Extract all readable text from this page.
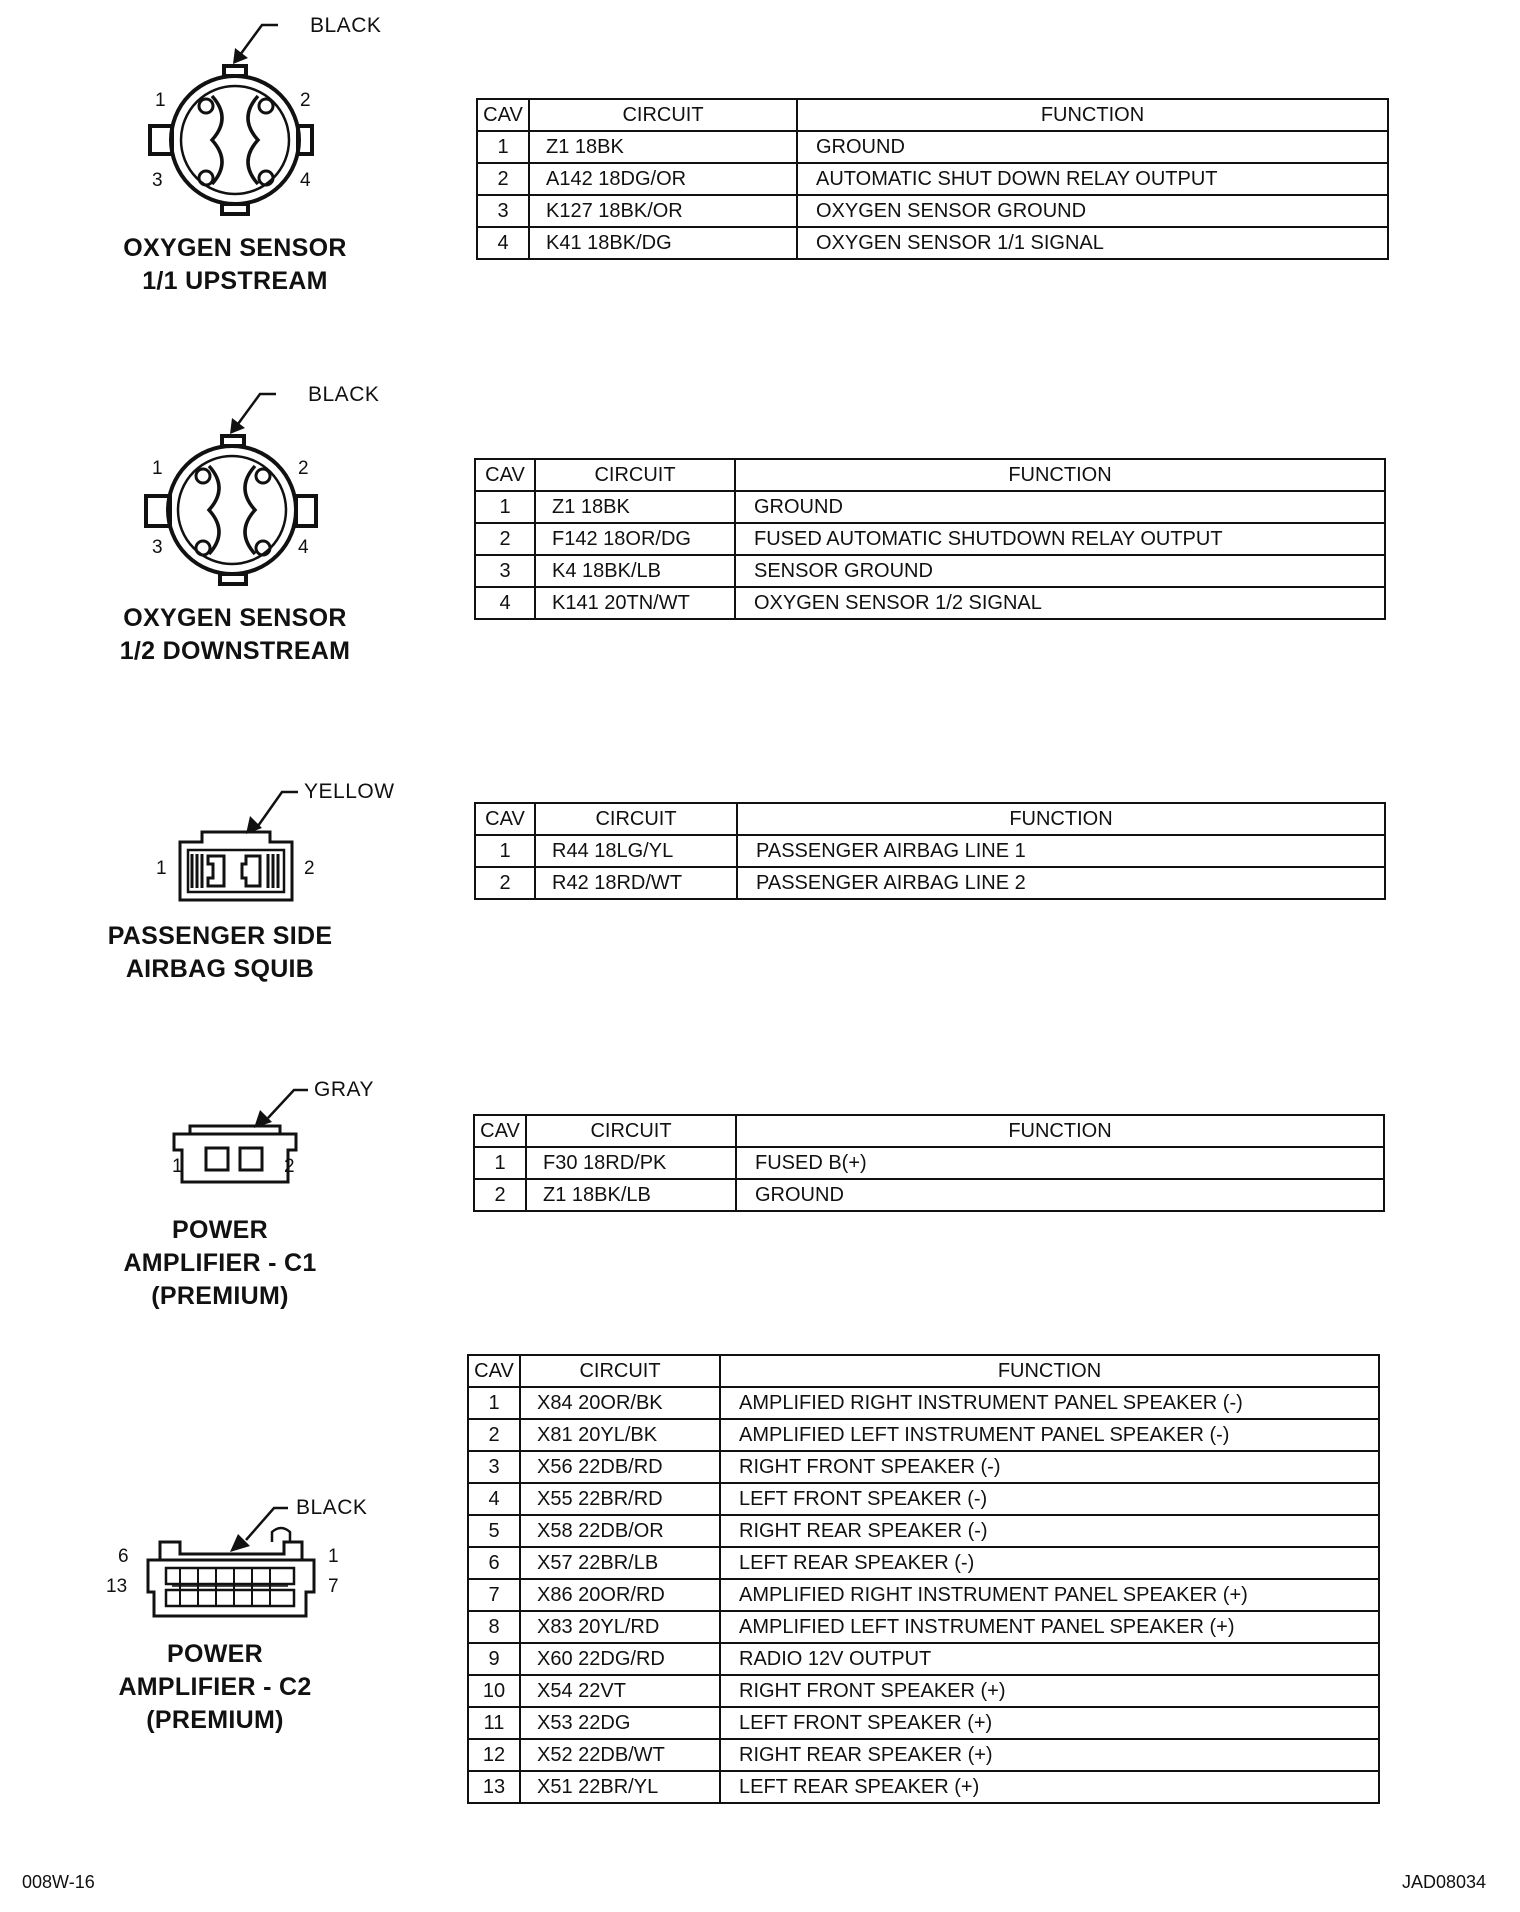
BLACK
1	2
3	4
OXYGEN SENSOR
1/1 UPSTREAM
CAV	CIRCUIT	FUNCTION
1	Z1 18BK	GROUND
2	A142 18DG/OR	AUTOMATIC SHUT DOWN RELAY OUTPUT
3	K127 18BK/OR	OXYGEN SENSOR GROUND
4	K41 18BK/DG	OXYGEN SENSOR 1/1 SIGNAL
BLACK
1	2
3	4
OXYGEN SENSOR
1/2 DOWNSTREAM
CAV	CIRCUIT	FUNCTION
1	Z1 18BK	GROUND
2	F142 18OR/DG	FUSED AUTOMATIC SHUTDOWN RELAY OUTPUT
3	K4 18BK/LB	SENSOR GROUND
4	K141 20TN/WT	OXYGEN SENSOR 1/2 SIGNAL
YELLOW
1	2
PASSENGER SIDE
AIRBAG SQUIB
CAV	CIRCUIT	FUNCTION
1	R44 18LG/YL	PASSENGER AIRBAG LINE 1
2	R42 18RD/WT	PASSENGER AIRBAG LINE 2
GRAY
1	2
POWER
AMPLIFIER - C1
(PREMIUM)
CAV	CIRCUIT	FUNCTION
1	F30 18RD/PK	FUSED B(+)
2	Z1 18BK/LB	GROUND
BLACK
6	1
13	7
POWER
AMPLIFIER - C2
(PREMIUM)
CAV	CIRCUIT	FUNCTION
1	X84 20OR/BK	AMPLIFIED RIGHT INSTRUMENT PANEL SPEAKER (-)
2	X81 20YL/BK	AMPLIFIED LEFT INSTRUMENT PANEL SPEAKER (-)
3	X56 22DB/RD	RIGHT FRONT SPEAKER (-)
4	X55 22BR/RD	LEFT FRONT SPEAKER (-)
5	X58 22DB/OR	RIGHT REAR SPEAKER (-)
6	X57 22BR/LB	LEFT REAR SPEAKER (-)
7	X86 20OR/RD	AMPLIFIED RIGHT INSTRUMENT PANEL SPEAKER (+)
8	X83 20YL/RD	AMPLIFIED LEFT INSTRUMENT PANEL SPEAKER (+)
9	X60 22DG/RD	RADIO 12V OUTPUT
10	X54 22VT	RIGHT FRONT SPEAKER (+)
11	X53 22DG	LEFT FRONT SPEAKER (+)
12	X52 22DB/WT	RIGHT REAR SPEAKER (+)
13	X51 22BR/YL	LEFT REAR SPEAKER (+)
008W-16	JAD08034
